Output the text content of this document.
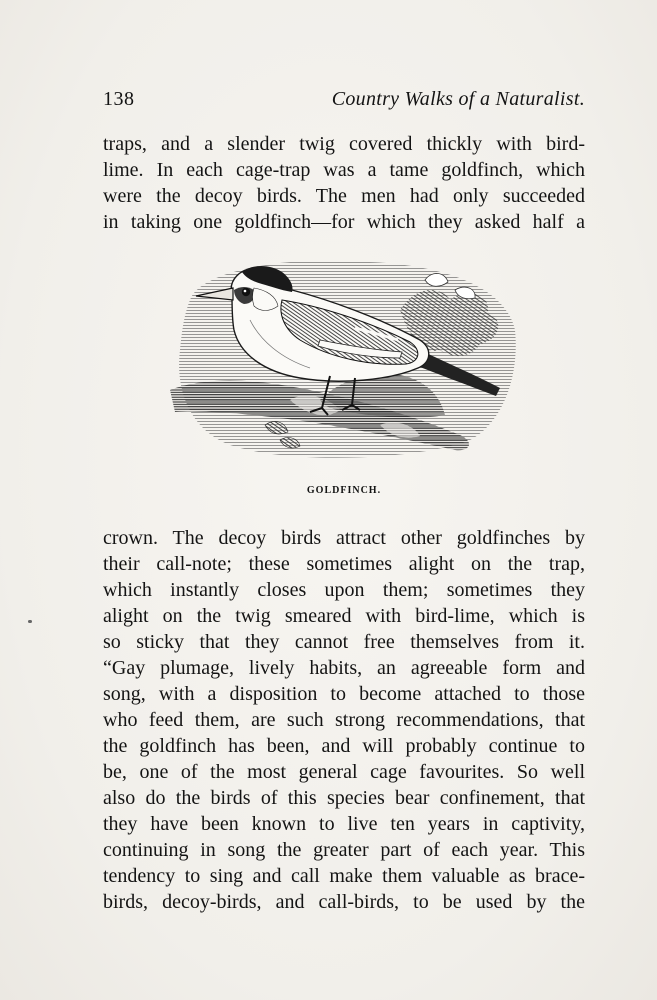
138	Country Walks of a Naturalist.
traps, and a slender twig covered thickly with bird-
lime. In each cage-trap was a tame goldfinch, which
were the decoy birds. The men had only succeeded
in taking one goldfinch—for which they asked half a
GOLDFINCH.
crown. The decoy birds attract other goldfinches by
their call-note; these sometimes alight on the trap,
which instantly closes upon them; sometimes they
alight on the twig smeared with bird-lime, which is
so sticky that they cannot free themselves from it.
“Gay plumage, lively habits, an agreeable form and
song, with a disposition to become attached to those
who feed them, are such strong recommendations, that
the goldfinch has been, and will probably continue to
be, one of the most general cage favourites. So well
also do the birds of this species bear confinement, that
they have been known to live ten years in captivity,
continuing in song the greater part of each year. This
tendency to sing and call make them valuable as brace-
birds, decoy-birds, and call-birds, to be used by the
